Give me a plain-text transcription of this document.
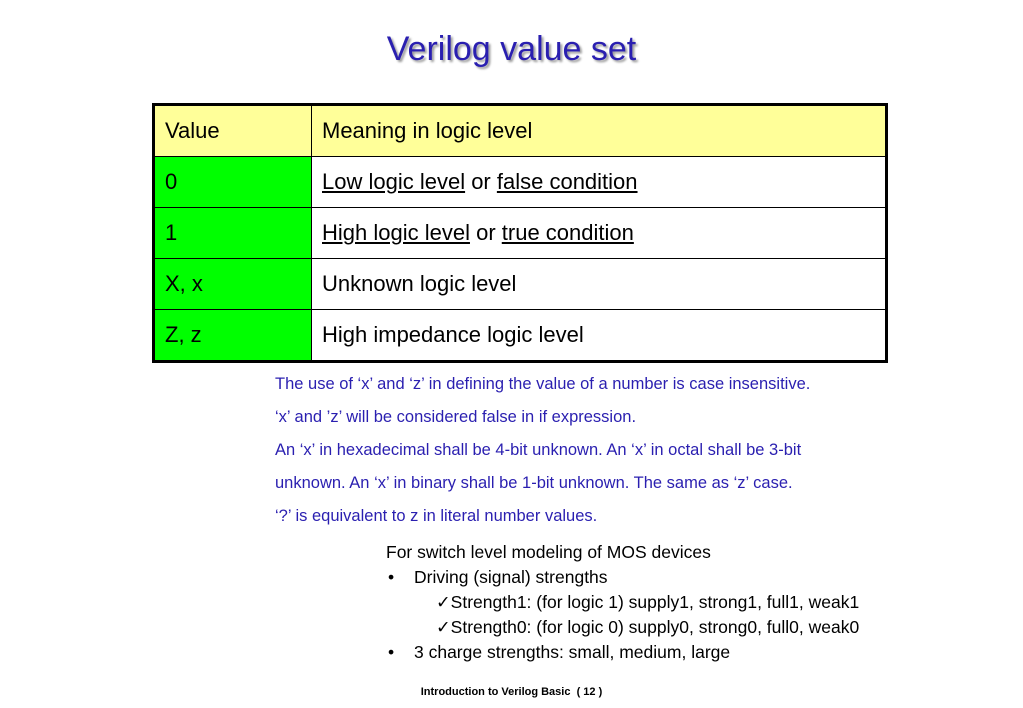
Verilog value set
Value	Meaning in logic level
0	Low logic level or false condition
1	High logic level or true condition
X, x	Unknown logic level
Z, z	High impedance logic level
The use of ‘x’ and ‘z’ in defining the value of a number is case insensitive.
‘x’ and ’z’ will be considered false in if expression.
An ‘x’ in hexadecimal shall be 4-bit unknown. An ‘x’ in octal shall be 3-bit
unknown. An ‘x’ in binary shall be 1-bit unknown. The same as ‘z’ case.
‘?’ is equivalent to z in literal number values.
For switch level modeling of MOS devices
• Driving (signal) strengths
✓Strength1: (for logic 1) supply1, strong1, full1, weak1
✓Strength0: (for logic 0) supply0, strong0, full0, weak0
• 3 charge strengths: small, medium, large
Introduction to Verilog Basic  ( 12 )
